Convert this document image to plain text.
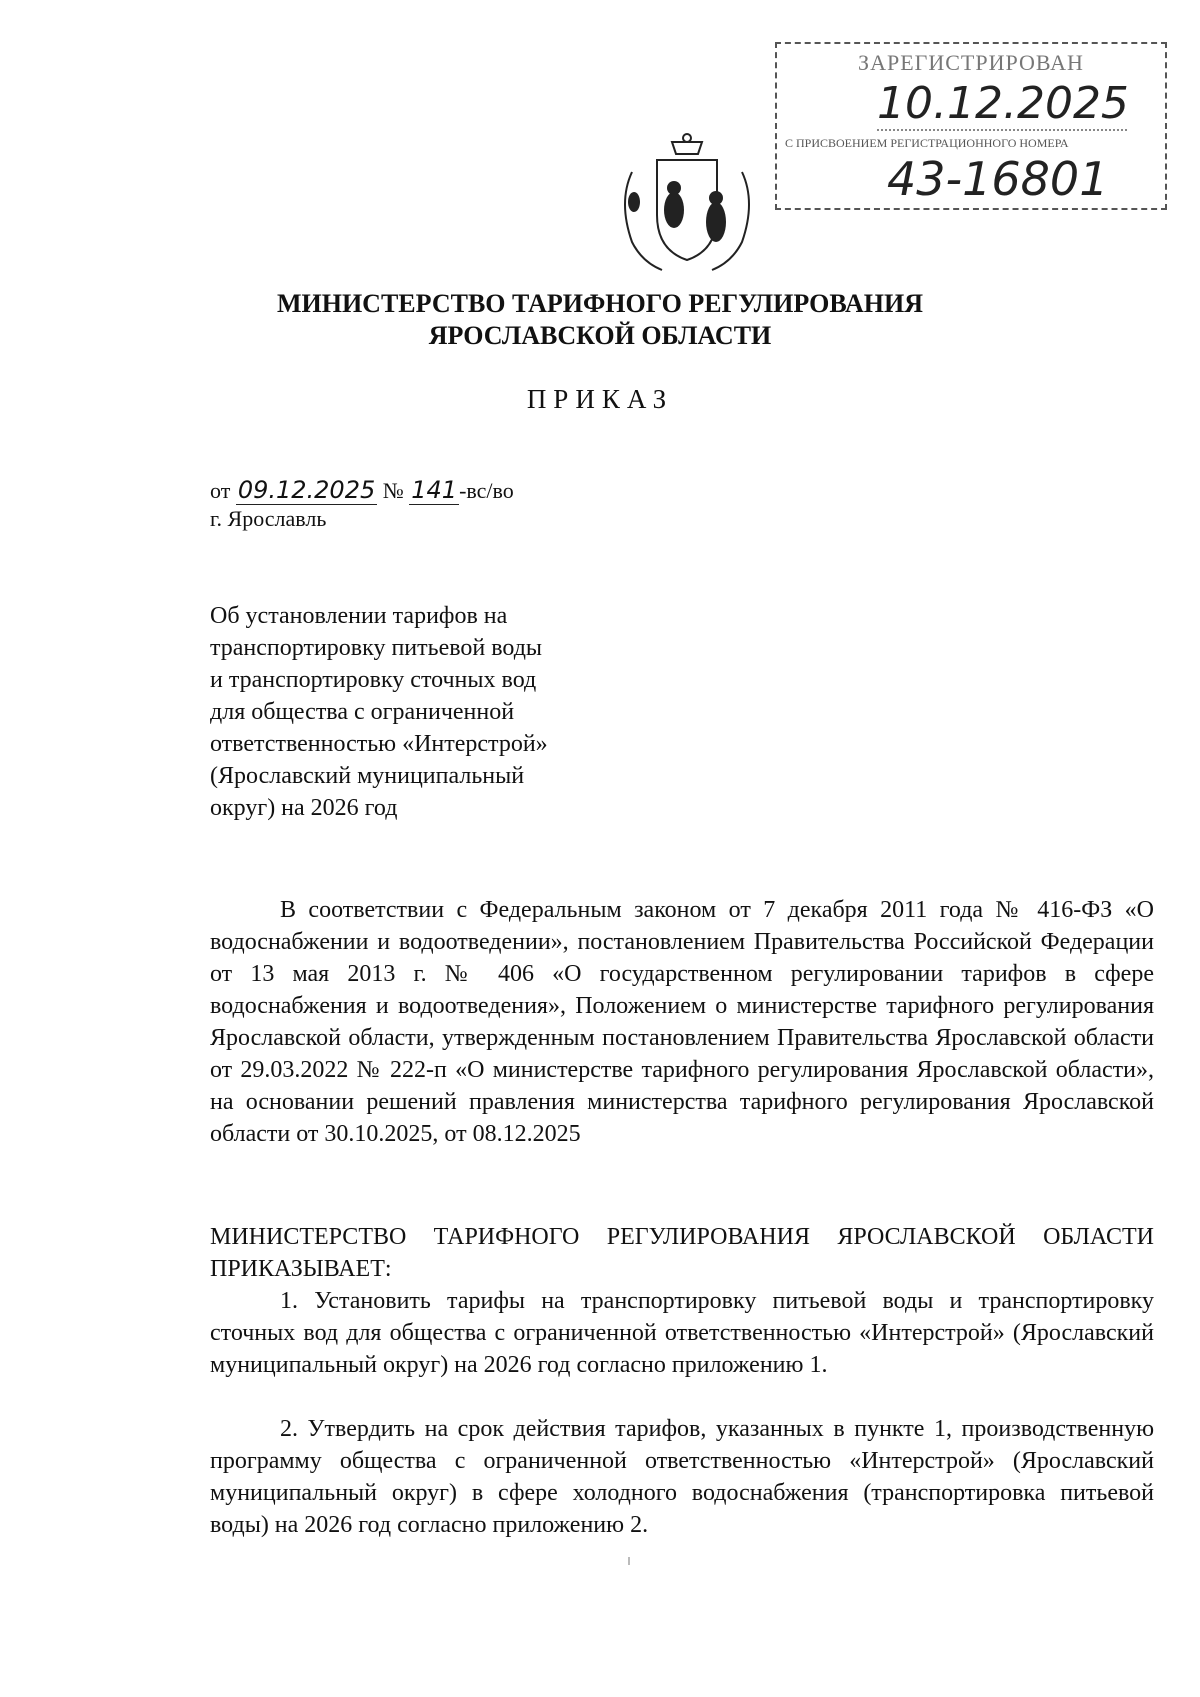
ЗАРЕГИСТРИРОВАН
10.12.2025
С ПРИСВОЕНИЕМ РЕГИСТРАЦИОННОГО НОМЕРА
43-16801
МИНИСТЕРСТВО ТАРИФНОГО РЕГУЛИРОВАНИЯ
ЯРОСЛАВСКОЙ ОБЛАСТИ
ПРИКАЗ
от 09.12.2025 № 141-вс/во
г. Ярославль
Об установлении тарифов на
транспортировку питьевой воды
и транспортировку сточных вод
для общества с ограниченной
ответственностью «Интерстрой»
(Ярославский муниципальный
округ) на 2026 год
В соответствии с Федеральным законом от 7 декабря 2011 года № 416-ФЗ «О водоснабжении и водоотведении», постановлением Правительства Российской Федерации от 13 мая 2013 г. № 406 «О государственном регулировании тарифов в сфере водоснабжения и водоотведения», Положением о министерстве тарифного регулирования Ярославской области, утвержденным постановлением Правительства Ярославской области от 29.03.2022 № 222-п «О министерстве тарифного регулирования Ярославской области», на основании решений правления министерства тарифного регулирования Ярославской области от 30.10.2025, от 08.12.2025
МИНИСТЕРСТВО ТАРИФНОГО РЕГУЛИРОВАНИЯ ЯРОСЛАВСКОЙ ОБЛАСТИ ПРИКАЗЫВАЕТ:
1. Установить тарифы на транспортировку питьевой воды и транспортировку сточных вод для общества с ограниченной ответственностью «Интерстрой» (Ярославский муниципальный округ) на 2026 год согласно приложению 1.
2. Утвердить на срок действия тарифов, указанных в пункте 1, производственную программу общества с ограниченной ответственностью «Интерстрой» (Ярославский муниципальный округ) в сфере холодного водоснабжения (транспортировка питьевой воды) на 2026 год согласно приложению 2.
